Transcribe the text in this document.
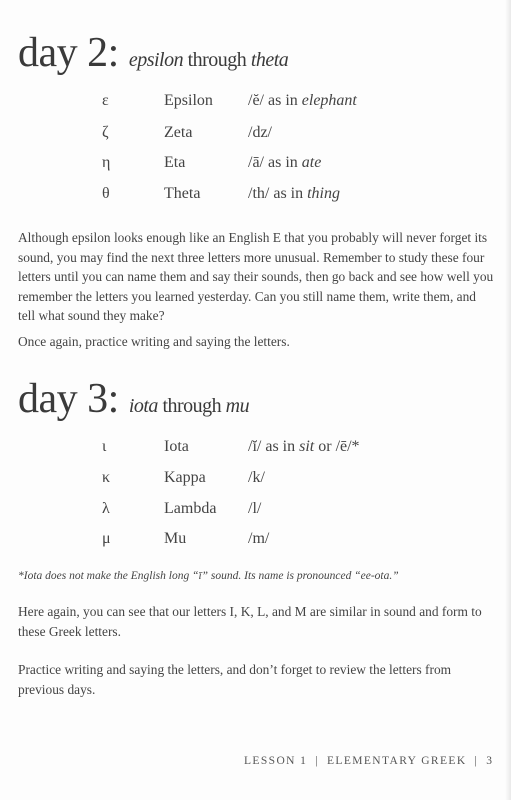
day 2: epsilon through theta
ε	Epsilon /ĕ/ as in elephant
ζ	Zeta	/dz/
η	Eta	/ā/ as in ate
θ	Theta	/th/ as in thing

Although epsilon looks enough like an English E that you probably will never forget its sound, you may find the next three letters more unusual. Remember to study these four letters until you can name them and say their sounds, then go back and see how well you remember the letters you learned yesterday. Can you still name them, write them, and tell what sound they make?

Once again, practice writing and saying the letters.

day 3: iota through mu
ι	Iota	/ĭ/ as in sit or /ē/*
κ	Kappa	/k/
λ	Lambda /l/
μ	Mu	/m/

*Iota does not make the English long “ī” sound. Its name is pronounced “ee-ota.”

Here again, you can see that our letters I, K, L, and M are similar in sound and form to these Greek letters.

Practice writing and saying the letters, and don’t forget to review the letters from previous days.

LESSON 1 | ELEMENTARY GREEK | 3
